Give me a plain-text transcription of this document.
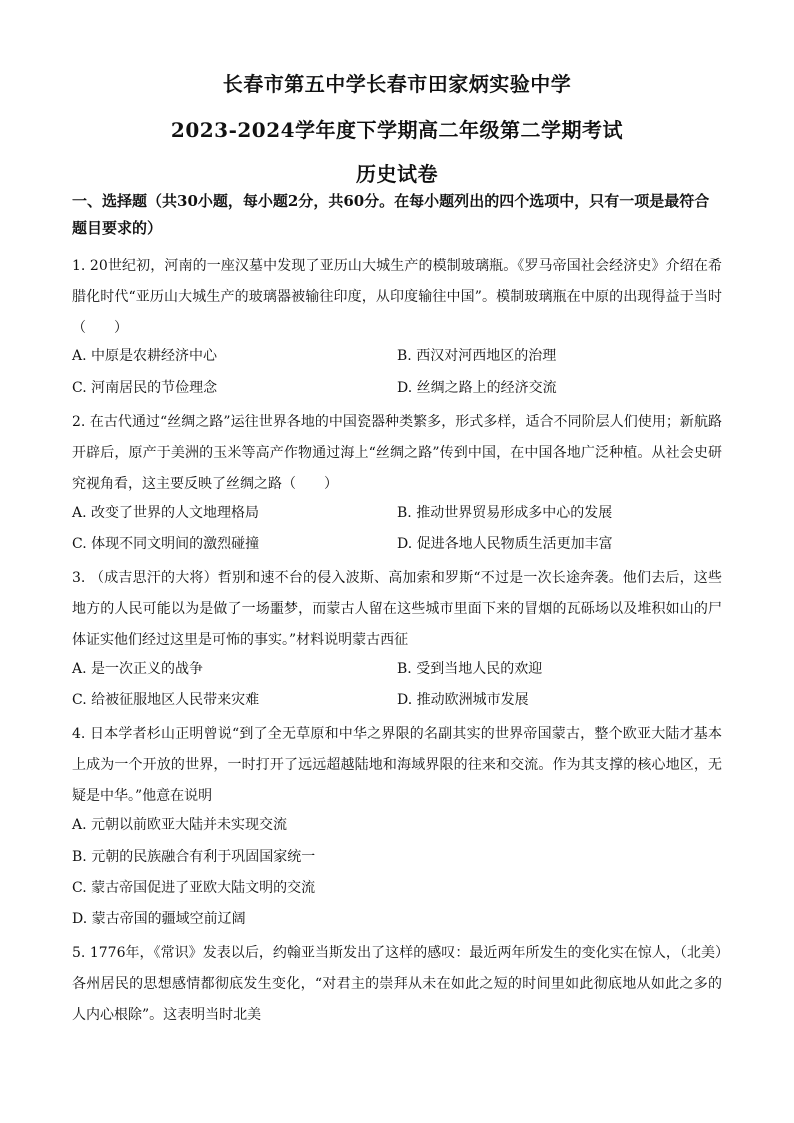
长春市第五中学长春市田家炳实验中学
2023-2024学年度下学期高二年级第二学期考试
历史试卷
一、选择题（共30小题，每小题2分，共60分。在每小题列出的四个选项中，只有一项是最符合题目要求的）
1. 20世纪初，河南的一座汉墓中发现了亚历山大城生产的模制玻璃瓶。《罗马帝国社会经济史》介绍在希腊化时代“亚历山大城生产的玻璃器被输往印度，从印度输往中国”。模制玻璃瓶在中原的出现得益于当时（　　）
A. 中原是农耕经济中心	B. 西汉对河西地区的治理
C. 河南居民的节俭理念	D. 丝绸之路上的经济交流
2. 在古代通过“丝绸之路”运往世界各地的中国瓷器种类繁多，形式多样，适合不同阶层人们使用；新航路开辟后，原产于美洲的玉米等高产作物通过海上“丝绸之路”传到中国，在中国各地广泛种植。从社会史研究视角看，这主要反映了丝绸之路（　　）
A. 改变了世界的人文地理格局	B. 推动世界贸易形成多中心的发展
C. 体现不同文明间的激烈碰撞	D. 促进各地人民物质生活更加丰富
3. （成吉思汗的大将）哲别和速不台的侵入波斯、高加索和罗斯“不过是一次长途奔袭。他们去后，这些地方的人民可能以为是做了一场噩梦，而蒙古人留在这些城市里面下来的冒烟的瓦砾场以及堆积如山的尸体证实他们经过这里是可怖的事实。”材料说明蒙古西征
A. 是一次正义的战争	B. 受到当地人民的欢迎
C. 给被征服地区人民带来灾难	D. 推动欧洲城市发展
4. 日本学者杉山正明曾说“到了全无草原和中华之界限的名副其实的世界帝国蒙古，整个欧亚大陆才基本上成为一个开放的世界，一时打开了远远超越陆地和海域界限的往来和交流。作为其支撑的核心地区，无疑是中华。”他意在说明
A. 元朝以前欧亚大陆并未实现交流
B. 元朝的民族融合有利于巩固国家统一
C. 蒙古帝国促进了亚欧大陆文明的交流
D. 蒙古帝国的疆域空前辽阔
5. 1776年，《常识》发表以后，约翰亚当斯发出了这样的感叹：最近两年所发生的变化实在惊人，（北美）各州居民的思想感情都彻底发生变化，“对君主的崇拜从未在如此之短的时间里如此彻底地从如此之多的人内心根除”。这表明当时北美
